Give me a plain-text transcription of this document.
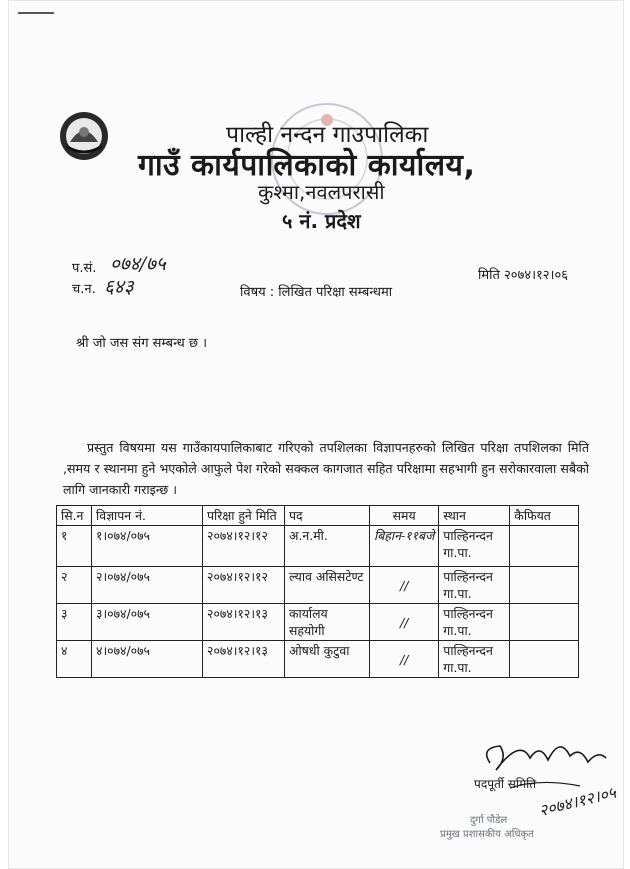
पाल्ही नन्दन गाउपालिका
गाउँ कार्यपालिकाको कार्यालय,
कुश्मा,नवलपरासी
५ नं. प्रदेश
प.सं. ०७४/७५
च.न. ६४३
मिति २०७४।१२।०६
विषय : लिखित परिक्षा सम्बन्धमा
श्री जो जस संग सम्बन्ध छ ।
प्रस्तुत विषयमा यस गाउँकायपालिकाबाट गरिएको तपशिलका विज्ञापनहरुको लिखित परिक्षा तपशिलका मिति ,समय र स्थानमा हुने भएकोले आफुले पेश गरेको सक्कल कागजात सहित परिक्षामा सहभागी हुन सरोकारवाला सबैको लागि जानकारी गराइन्छ ।
सि.न	विज्ञापन नं.	परिक्षा हुने मिति	पद	समय	स्थान	कैफियत
१	१।०७४/०७५	२०७४।१२।१२	अ.न.मी.	बिहान-११बजे	पाल्हिनन्दन गा.पा.	
२	२।०७४/०७५	२०७४।१२।१२	ल्याव असिसटेण्ट	//	पाल्हिनन्दन गा.पा.	
३	३।०७४/०७५	२०७४।१२।१३	कार्यालय सहयोगी	//	पाल्हिनन्दन गा.पा.	
४	४।०७४/०७५	२०७४।१२।१३	ओषधी कुटुवा	//	पाल्हिनन्दन गा.पा.	
पदपूर्ती समिति २०७४।१२।०५
दुर्गा पौडेल
प्रमुख प्रशासकीय अधिकृत
